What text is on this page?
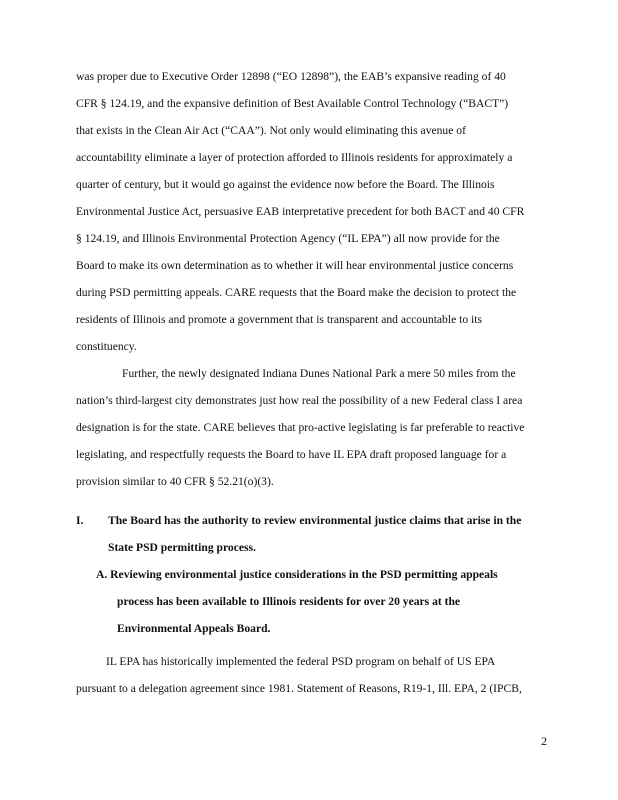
was proper due to Executive Order 12898 (“EO 12898”), the EAB’s expansive reading of 40
CFR § 124.19, and the expansive definition of Best Available Control Technology (“BACT”)
that exists in the Clean Air Act (“CAA”). Not only would eliminating this avenue of
accountability eliminate a layer of protection afforded to Illinois residents for approximately a
quarter of century, but it would go against the evidence now before the Board. The Illinois
Environmental Justice Act, persuasive EAB interpretative precedent for both BACT and 40 CFR
§ 124.19, and Illinois Environmental Protection Agency (“IL EPA”) all now provide for the
Board to make its own determination as to whether it will hear environmental justice concerns
during PSD permitting appeals. CARE requests that the Board make the decision to protect the
residents of Illinois and promote a government that is transparent and accountable to its
constituency.
Further, the newly designated Indiana Dunes National Park a mere 50 miles from the
nation’s third-largest city demonstrates just how real the possibility of a new Federal class I area
designation is for the state. CARE believes that pro-active legislating is far preferable to reactive
legislating, and respectfully requests the Board to have IL EPA draft proposed language for a
provision similar to 40 CFR § 52.21(o)(3).
I. The Board has the authority to review environmental justice claims that arise in the
State PSD permitting process.
A. Reviewing environmental justice considerations in the PSD permitting appeals
process has been available to Illinois residents for over 20 years at the
Environmental Appeals Board.
IL EPA has historically implemented the federal PSD program on behalf of US EPA
pursuant to a delegation agreement since 1981. Statement of Reasons, R19-1, Ill. EPA, 2 (IPCB,
2
